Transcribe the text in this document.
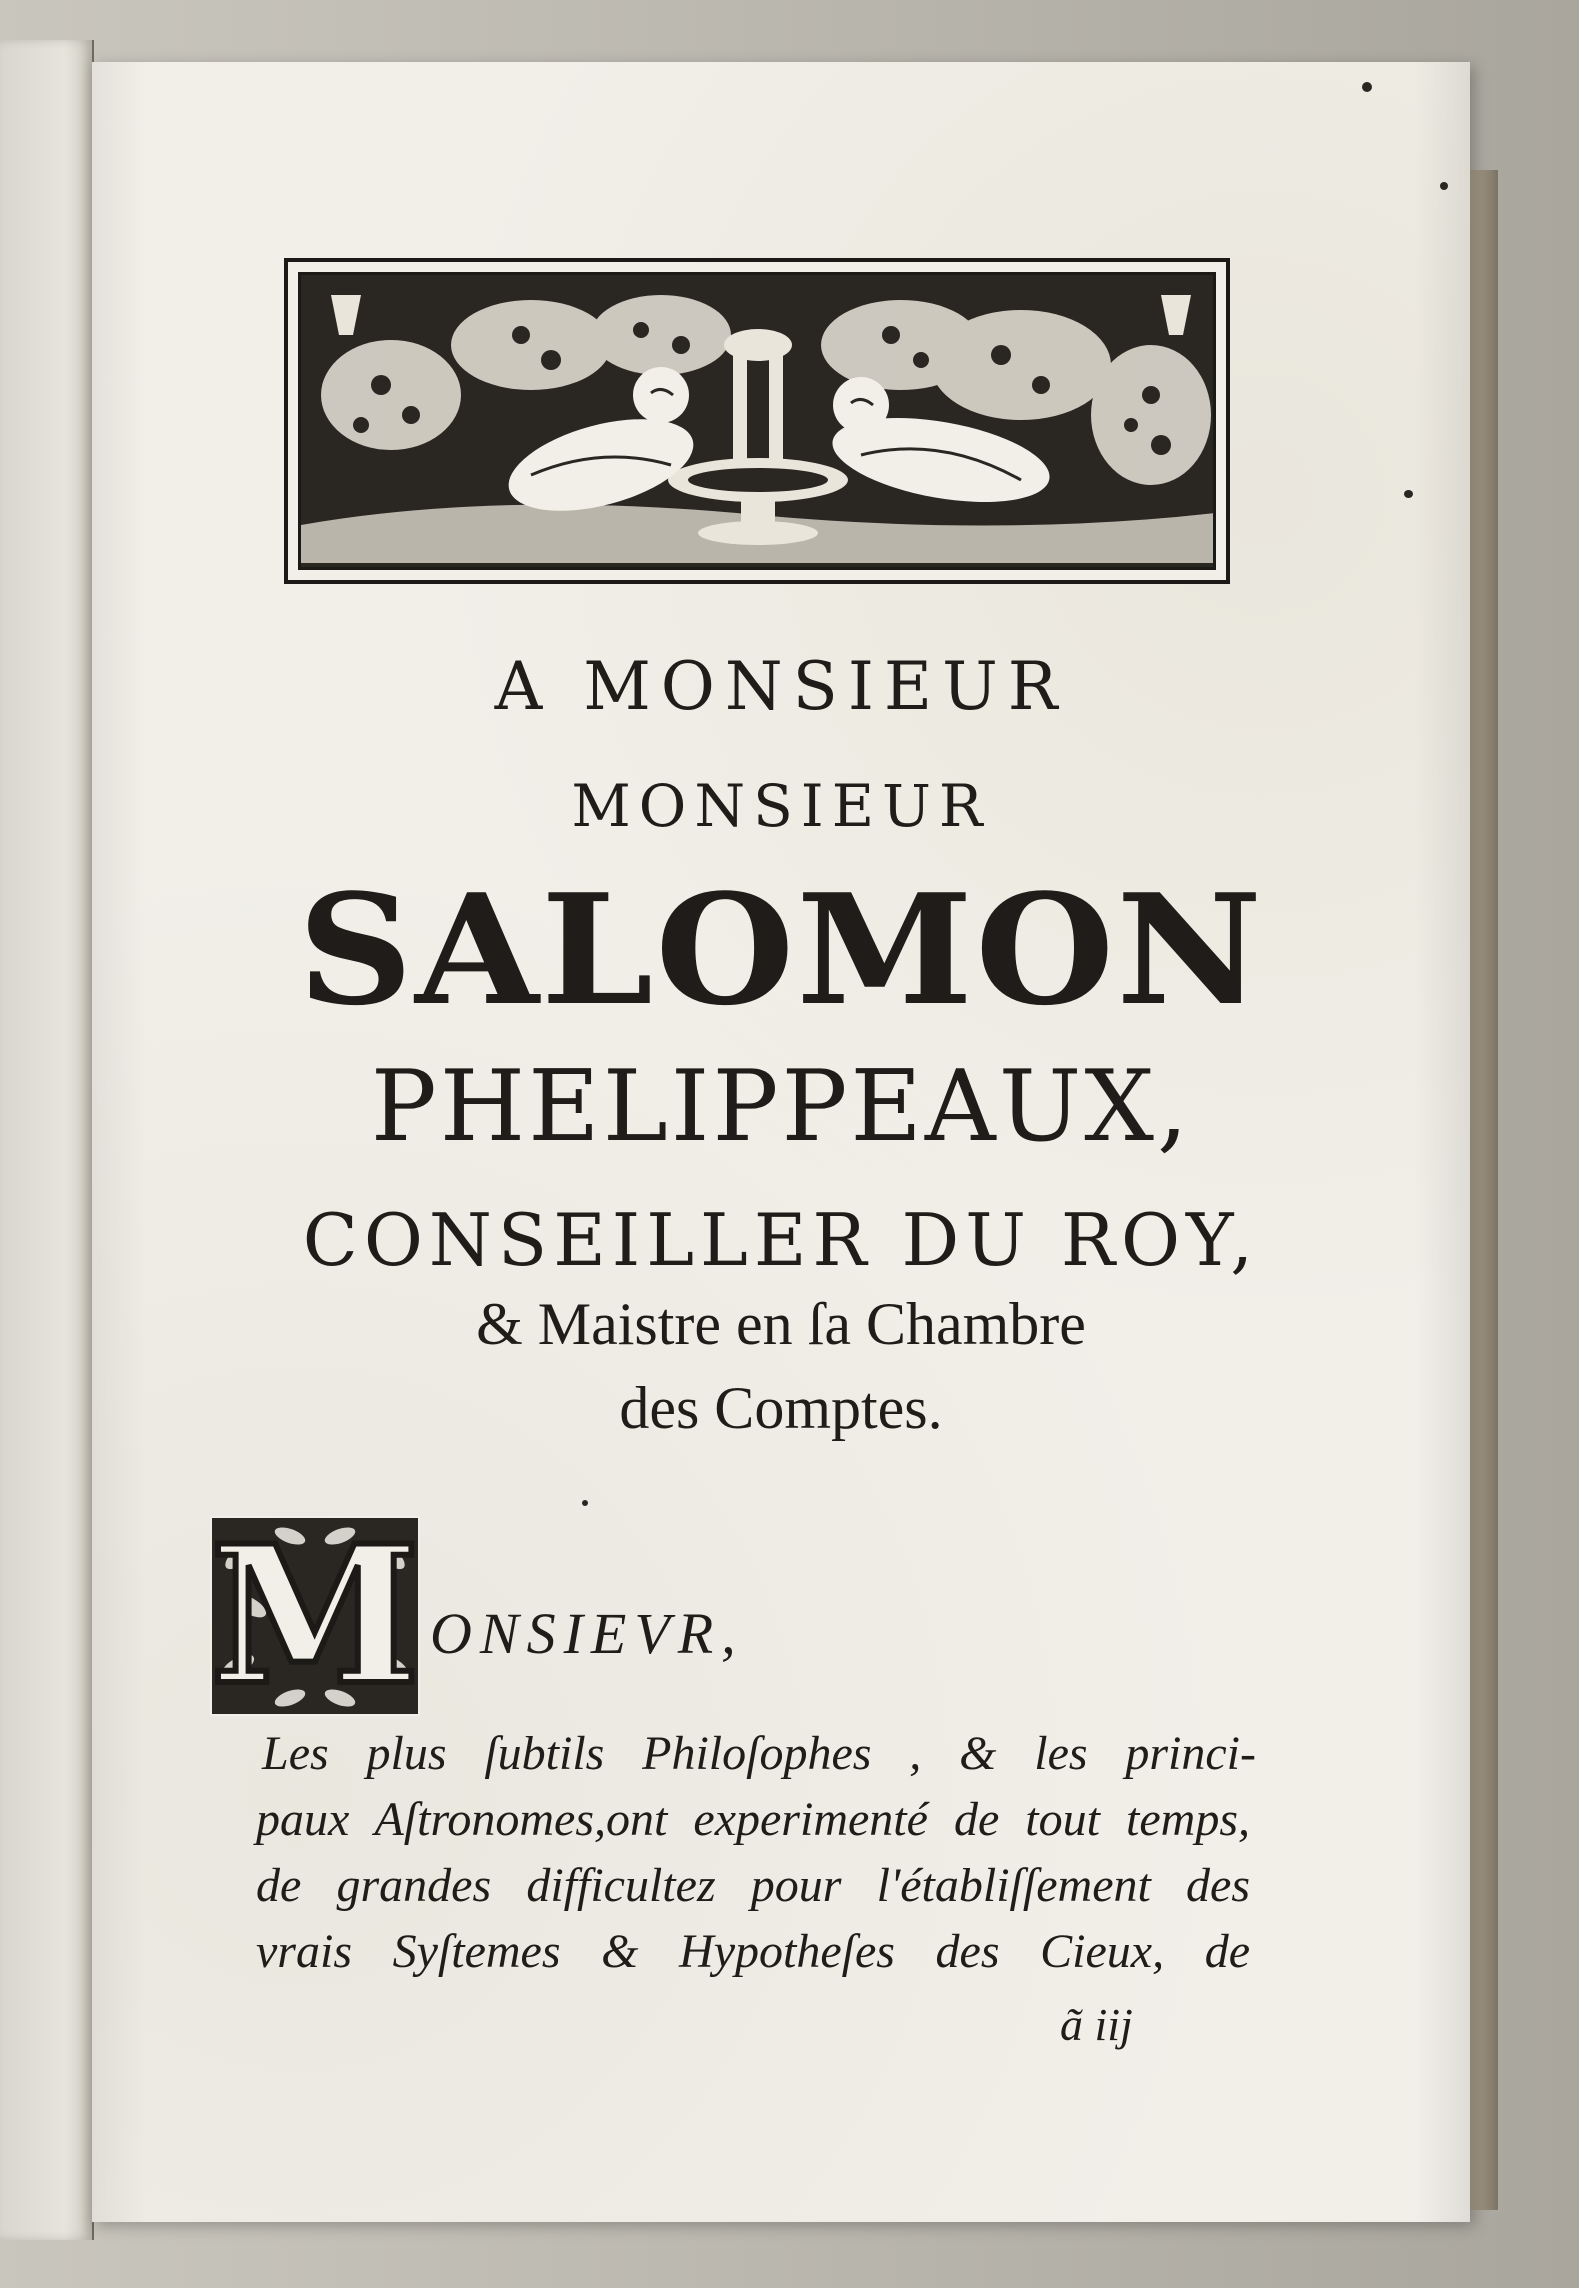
A MONSIEUR
MONSIEUR
SALOMON
PHELIPPEAUX,
CONSEILLER DU ROY,
& Maistre en ſa Chambre
des Comptes.
M ONSIEVR,
Les plus ſubtils Philoſophes , & les princi-
paux Aſtronomes,ont experimenté de tout temps,
de grandes difficultez pour l'établiſſement des
vrais Syſtemes & Hypotheſes des Cieux, de
ã iij
